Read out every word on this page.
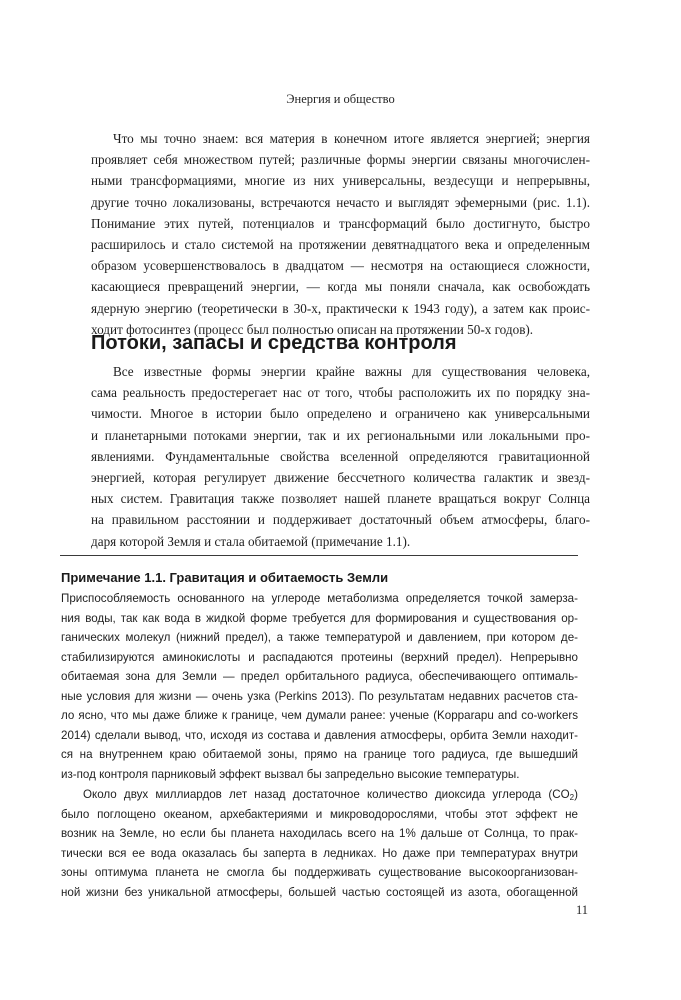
Энергия и общество
Что мы точно знаем: вся материя в конечном итоге является энергией; энергия
проявляет себя множеством путей; различные формы энергии связаны многочислен-
ными трансформациями, многие из них универсальны, вездесущи и непрерывны,
другие точно локализованы, встречаются нечасто и выглядят эфемерными (рис. 1.1).
Понимание этих путей, потенциалов и трансформаций было достигнуто, быстро
расширилось и стало системой на протяжении девятнадцатого века и определенным
образом усовершенствовалось в двадцатом — несмотря на остающиеся сложности,
касающиеся превращений энергии, — когда мы поняли сначала, как освобождать
ядерную энергию (теоретически в 30-х, практически к 1943 году), а затем как проис-
ходит фотосинтез (процесс был полностью описан на протяжении 50-х годов).
Потоки, запасы и средства контроля
Все известные формы энергии крайне важны для существования человека,
сама реальность предостерегает нас от того, чтобы расположить их по порядку зна-
чимости. Многое в истории было определено и ограничено как универсальными
и планетарными потоками энергии, так и их региональными или локальными про-
явлениями. Фундаментальные свойства вселенной определяются гравитационной
энергией, которая регулирует движение бессчетного количества галактик и звезд-
ных систем. Гравитация также позволяет нашей планете вращаться вокруг Солнца
на правильном расстоянии и поддерживает достаточный объем атмосферы, благо-
даря которой Земля и стала обитаемой (примечание 1.1).
Примечание 1.1. Гравитация и обитаемость Земли
Приспособляемость основанного на углероде метаболизма определяется точкой замерза-
ния воды, так как вода в жидкой форме требуется для формирования и существования ор-
ганических молекул (нижний предел), а также температурой и давлением, при котором де-
стабилизируются аминокислоты и распадаются протеины (верхний предел). Непрерывно
обитаемая зона для Земли — предел орбитального радиуса, обеспечивающего оптималь-
ные условия для жизни — очень узка (Perkins 2013). По результатам недавних расчетов ста-
ло ясно, что мы даже ближе к границе, чем думали ранее: ученые (Kopparapu and co-workers
2014) сделали вывод, что, исходя из состава и давления атмосферы, орбита Земли находит-
ся на внутреннем краю обитаемой зоны, прямо на границе того радиуса, где вышедший
из-под контроля парниковый эффект вызвал бы запредельно высокие температуры.
Около двух миллиардов лет назад достаточное количество диоксида углерода $(CO_2)$
было поглощено океаном, архебактериями и микроводорослями, чтобы этот эффект не
возник на Земле, но если бы планета находилась всего на 1% дальше от Солнца, то прак-
тически вся ее вода оказалась бы заперта в ледниках. Но даже при температурах внутри
зоны оптимума планета не смогла бы поддерживать существование высокоорганизован-
ной жизни без уникальной атмосферы, большей частью состоящей из азота, обогащенной
11
